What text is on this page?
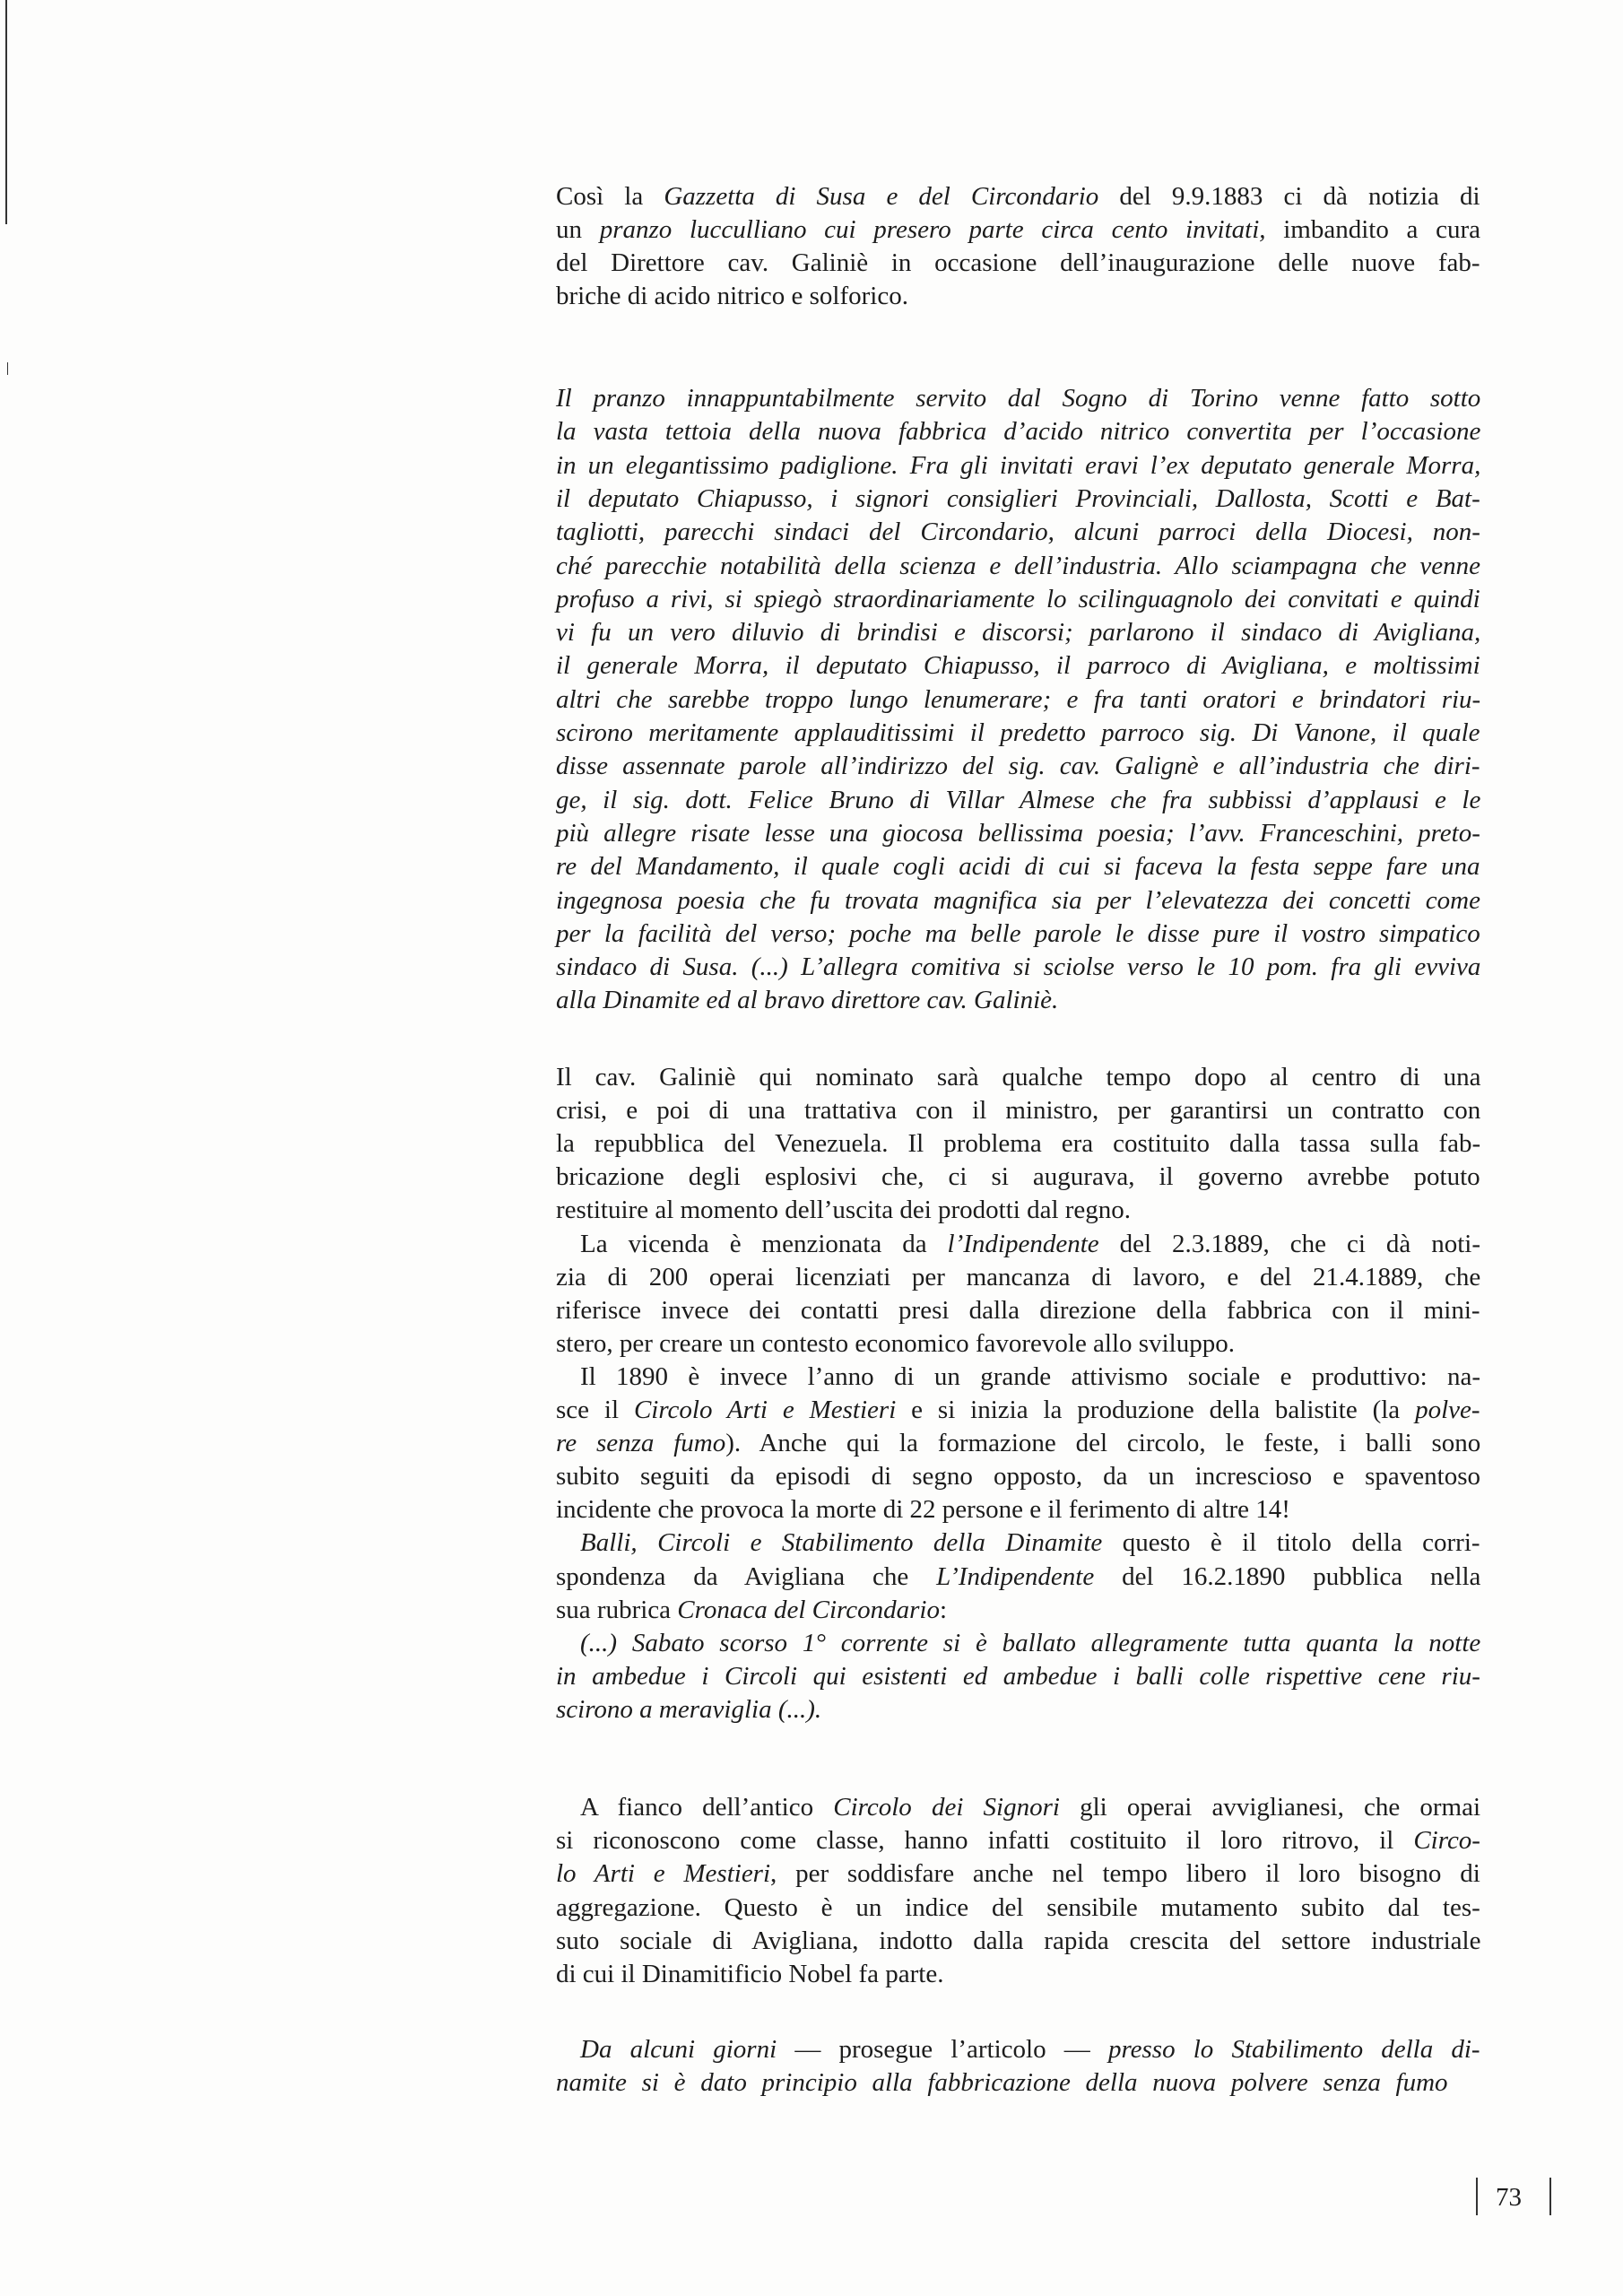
Così la Gazzetta di Susa e del Circondario del 9.9.1883 ci dà notizia di
un pranzo lucculliano cui presero parte circa cento invitati, imbandito a cura
del Direttore cav. Galiniè in occasione dell’inaugurazione delle nuove fab-
briche di acido nitrico e solforico.
Il pranzo innappuntabilmente servito dal Sogno di Torino venne fatto sotto
la vasta tettoia della nuova fabbrica d’acido nitrico convertita per l’occasione
in un elegantissimo padiglione. Fra gli invitati eravi l’ex deputato generale Morra,
il deputato Chiapusso, i signori consiglieri Provinciali, Dallosta, Scotti e Bat-
tagliotti, parecchi sindaci del Circondario, alcuni parroci della Diocesi, non-
ché parecchie notabilità della scienza e dell’industria. Allo sciampagna che venne
profuso a rivi, si spiegò straordinariamente lo scilinguagnolo dei convitati e quindi
vi fu un vero diluvio di brindisi e discorsi; parlarono il sindaco di Avigliana,
il generale Morra, il deputato Chiapusso, il parroco di Avigliana, e moltissimi
altri che sarebbe troppo lungo lenumerare; e fra tanti oratori e brindatori riu-
scirono meritamente applauditissimi il predetto parroco sig. Di Vanone, il quale
disse assennate parole all’indirizzo del sig. cav. Galignè e all’industria che diri-
ge, il sig. dott. Felice Bruno di Villar Almese che fra subbissi d’applausi e le
più allegre risate lesse una giocosa bellissima poesia; l’avv. Franceschini, preto-
re del Mandamento, il quale cogli acidi di cui si faceva la festa seppe fare una
ingegnosa poesia che fu trovata magnifica sia per l’elevatezza dei concetti come
per la facilità del verso; poche ma belle parole le disse pure il vostro simpatico
sindaco di Susa. (...) L’allegra comitiva si sciolse verso le 10 pom. fra gli evviva
alla Dinamite ed al bravo direttore cav. Galiniè.
Il cav. Galiniè qui nominato sarà qualche tempo dopo al centro di una
crisi, e poi di una trattativa con il ministro, per garantirsi un contratto con
la repubblica del Venezuela. Il problema era costituito dalla tassa sulla fab-
bricazione degli esplosivi che, ci si augurava, il governo avrebbe potuto
restituire al momento dell’uscita dei prodotti dal regno.
La vicenda è menzionata da l’Indipendente del 2.3.1889, che ci dà noti-
zia di 200 operai licenziati per mancanza di lavoro, e del 21.4.1889, che
riferisce invece dei contatti presi dalla direzione della fabbrica con il mini-
stero, per creare un contesto economico favorevole allo sviluppo.
Il 1890 è invece l’anno di un grande attivismo sociale e produttivo: na-
sce il Circolo Arti e Mestieri e si inizia la produzione della balistite (la polve-
re senza fumo). Anche qui la formazione del circolo, le feste, i balli sono
subito seguiti da episodi di segno opposto, da un increscioso e spaventoso
incidente che provoca la morte di 22 persone e il ferimento di altre 14!
Balli, Circoli e Stabilimento della Dinamite questo è il titolo della corri-
spondenza da Avigliana che L’Indipendente del 16.2.1890 pubblica nella
sua rubrica Cronaca del Circondario:
(...) Sabato scorso 1° corrente si è ballato allegramente tutta quanta la notte
in ambedue i Circoli qui esistenti ed ambedue i balli colle rispettive cene riu-
scirono a meraviglia (...).
A fianco dell’antico Circolo dei Signori gli operai avviglianesi, che ormai
si riconoscono come classe, hanno infatti costituito il loro ritrovo, il Circo-
lo Arti e Mestieri, per soddisfare anche nel tempo libero il loro bisogno di
aggregazione. Questo è un indice del sensibile mutamento subito dal tes-
suto sociale di Avigliana, indotto dalla rapida crescita del settore industriale
di cui il Dinamitificio Nobel fa parte.
Da alcuni giorni — prosegue l’articolo — presso lo Stabilimento della di-
namite si è dato principio alla fabbricazione della nuova polvere senza fumo
73
